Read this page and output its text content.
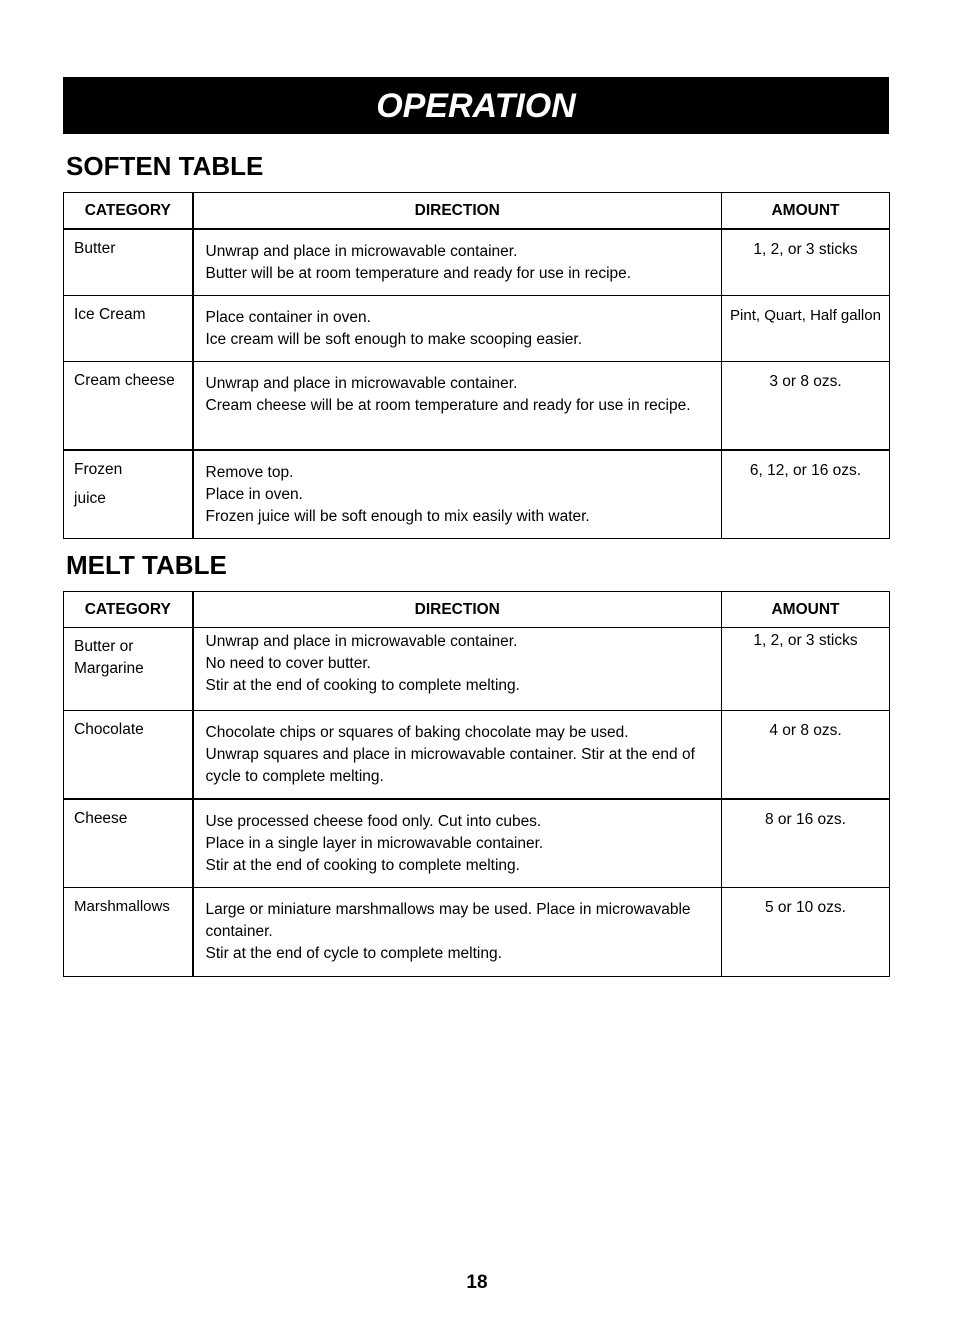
OPERATION
SOFTEN TABLE
CATEGORY	DIRECTION	AMOUNT
Butter	Unwrap and place in microwavable container.
Butter will be at room temperature and ready for use in recipe.	1, 2, or 3 sticks
Ice Cream	Place container in oven.
Ice cream will be soft enough to make scooping easier.	Pint, Quart, Half gallon
Cream cheese	Unwrap and place in microwavable container.
Cream cheese will be at room temperature and ready for use in recipe.	3 or 8 ozs.

Frozen
juice	Remove top.
Place in oven.
Frozen juice will be soft enough to mix easily with water.	6, 12, or 16 ozs.
MELT TABLE
CATEGORY	DIRECTION	AMOUNT

Butter or
Margarine	Unwrap and place in microwavable container.
No need to cover butter.
Stir at the end of cooking to complete melting.	1, 2, or 3 sticks
Chocolate	Chocolate chips or squares of baking chocolate may be used.
Unwrap squares and place in microwavable container. Stir at the end of cycle to complete melting.	4 or 8 ozs.
Cheese	Use processed cheese food only. Cut into cubes.
Place in a single layer in microwavable container.
Stir at the end of cooking to complete melting.	8 or 16 ozs.
Marshmallows	Large or miniature marshmallows may be used. Place in microwavable container.
Stir at the end of cycle to complete melting.	5 or 10 ozs.

18
